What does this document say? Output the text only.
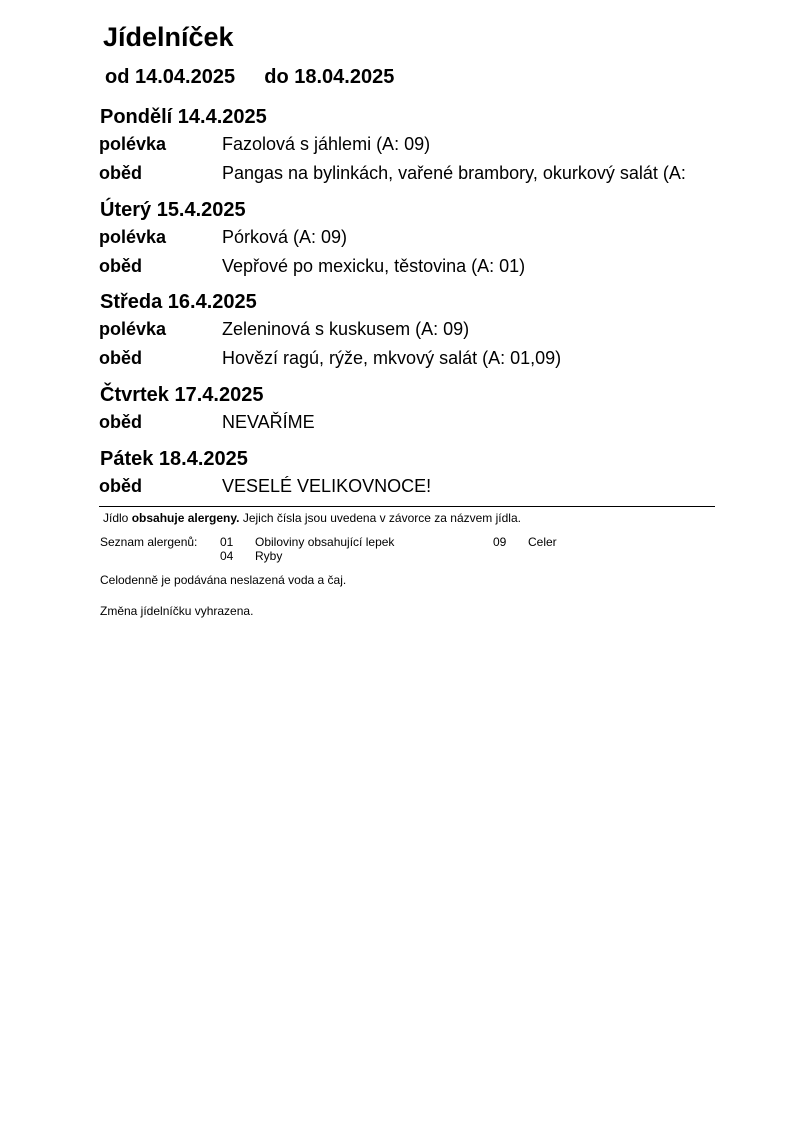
Jídelníček
od 14.04.2025 do 18.04.2025
Pondělí 14.4.2025
polévka	Fazolová s jáhlemi (A: 09)
oběd	Pangas na bylinkách, vařené brambory, okurkový salát (A:
Úterý 15.4.2025
polévka	Pórková (A: 09)
oběd	Vepřové po mexicku, těstovina (A: 01)
Středa 16.4.2025
polévka	Zeleninová s kuskusem (A: 09)
oběd	Hovězí ragú, rýže, mkvový salát (A: 01,09)
Čtvrtek 17.4.2025
oběd	NEVAŘÍME
Pátek 18.4.2025
oběd	VESELÉ VELIKOVNOCE!
Jídlo obsahuje alergeny. Jejich čísla jsou uvedena v závorce za názvem jídla.
Seznam alergenů: 01 Obiloviny obsahující lepek	09 Celer
04 Ryby
Celodenně je podávána neslazená voda a čaj.
Změna jídelníčku vyhrazena.
